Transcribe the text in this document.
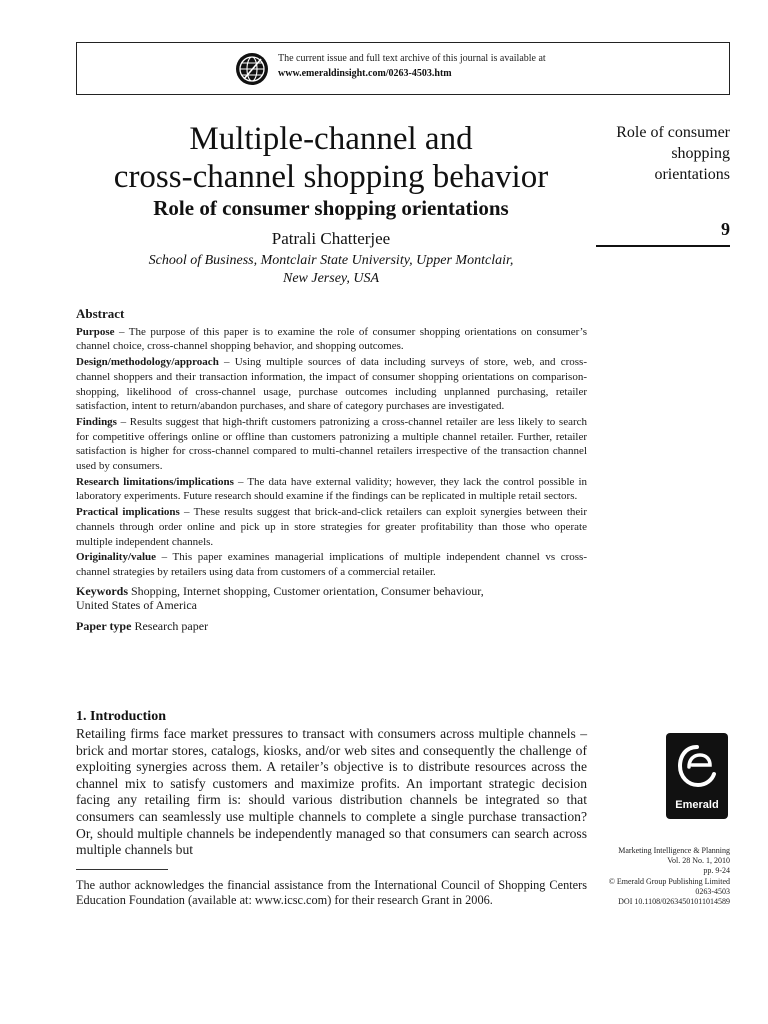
The current issue and full text archive of this journal is available at
www.emeraldinsight.com/0263-4503.htm
Multiple-channel and
cross-channel shopping behavior
Role of consumer shopping orientations
Patrali Chatterjee
School of Business, Montclair State University, Upper Montclair,
New Jersey, USA
Role of consumer
shopping
orientations
9
Abstract

Purpose – The purpose of this paper is to examine the role of consumer shopping orientations on consumer’s channel choice, cross-channel shopping behavior, and shopping outcomes.

Design/methodology/approach – Using multiple sources of data including surveys of store, web, and cross-channel shoppers and their transaction information, the impact of consumer shopping orientations on comparison-shopping, likelihood of cross-channel usage, purchase outcomes including unplanned purchasing, retailer satisfaction, intent to return/abandon purchases, and share of category purchases are investigated.

Findings – Results suggest that high-thrift customers patronizing a cross-channel retailer are less likely to search for competitive offerings online or offline than customers patronizing a multiple channel retailer. Further, retailer satisfaction is higher for cross-channel compared to multi-channel retailers irrespective of the transaction channel used by consumers.

Research limitations/implications – The data have external validity; however, they lack the control possible in laboratory experiments. Future research should examine if the findings can be replicated in multiple retail sectors.

Practical implications – These results suggest that brick-and-click retailers can exploit synergies between their channels through order online and pick up in store strategies for greater profitability than those who operate multiple independent channels.

Originality/value – This paper examines managerial implications of multiple independent channel vs cross-channel strategies by retailers using data from customers of a commercial retailer.

Keywords Shopping, Internet shopping, Customer orientation, Consumer behaviour,
United States of America
Paper type Research paper
1. Introduction
Retailing firms face market pressures to transact with consumers across multiple channels – brick and mortar stores, catalogs, kiosks, and/or web sites and consequently the challenge of exploiting synergies across them. A retailer’s objective is to distribute resources across the channel mix to satisfy customers and maximize profits. An important strategic decision facing any retailing firm is: should various distribution channels be integrated so that consumers can seamlessly use multiple channels to complete a single purchase transaction? Or, should multiple channels be independently managed so that consumers can search across multiple channels but
The author acknowledges the financial assistance from the International Council of Shopping Centers Education Foundation (available at: www.icsc.com) for their research Grant in 2006.
Emerald
Marketing Intelligence & Planning
Vol. 28 No. 1, 2010
pp. 9-24
© Emerald Group Publishing Limited
0263-4503
DOI 10.1108/02634501011014589
